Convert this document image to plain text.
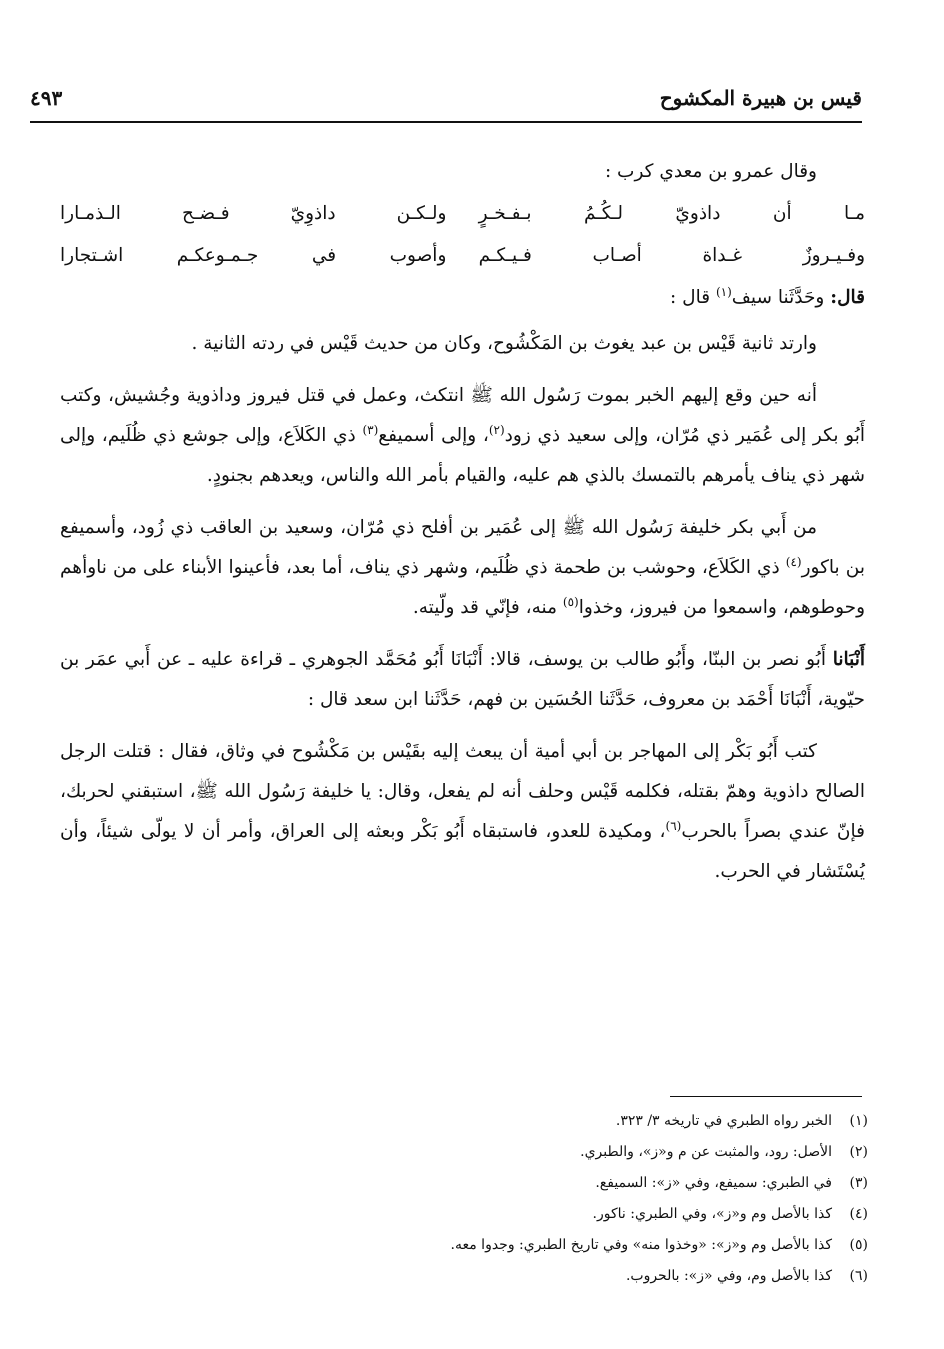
قيس بن هبيرة المكشوح
٤٩٣

وقال عمرو بن معدي كرب :

مـا أن داذويّ لـكُـمُ بـفـخـرٍ
ولـكـن داذوِيّ فـضـح الـذمـارا
وفـيـروزٌ غـداة أصـاب فـيـكـم
وأصوب في جـمـوعكـم اشـتجارا

قال: وحَدَّثَنا سيف$^{(١)}$ قال :

وارتد ثانية قَيْس بن عبد يغوث بن المَكْشُوح، وكان من حديث قَيْس في ردته الثانية .

أنه حين وقع إليهم الخبر بموت رَسُول الله ﷺ انتكث، وعمل في قتل فيروز وداذوية وجُشيش، وكتب أَبُو بكر إلى عُمَير ذي مُرّان، وإلى سعيد ذي زود$^{(٢)}$، وإلى أسميفع$^{(٣)}$ ذي الكَلاَع، وإلى جوشع ذي ظُلَيم، وإلى شهر ذي يناف يأمرهم بالتمسك بالذي هم عليه، والقيام بأمر الله والناس، ويعدهم بجنودٍ.

من أَبي بكر خليفة رَسُول الله ﷺ إلى عُمَير بن أفلح ذي مُرّان، وسعيد بن العاقب ذي زُود، وأسميفع بن باكور$^{(٤)}$ ذي الكَلاَع، وحوشب بن طحمة ذي ظُلَيم، وشهر ذي يناف، أما بعد، فأعينوا الأبناء على من ناوأهم وحوطوهم، واسمعوا من فيروز، وخذوا$^{(٥)}$ منه، فإنّي قد ولّيته.

أَنْبَانا أَبُو نصر بن البنّا، وأَبُو طالب بن يوسف، قالا: أَنْبَانَا أَبُو مُحَمَّد الجوهري ـ قراءة عليه ـ عن أَبي عمَر بن حيّوية، أَنْبَانَا أَحْمَد بن معروف، حَدَّثَنا الحُسَين بن فهم، حَدَّثَنا ابن سعد قال :

كتب أَبُو بَكْر إلى المهاجر بن أبي أمية أن يبعث إليه بقَيْس بن مَكْشُوح في وثاق، فقال : قتلت الرجل الصالح داذوية وهمّ بقتله، فكلمه قَيْس وحلف أنه لم يفعل، وقال: يا خليفة رَسُول الله ﷺ، استبقني لحربك، فإنّ عندي بصراً بالحرب$^{(٦)}$، ومكيدة للعدو، فاستبقاه أَبُو بَكْر وبعثه إلى العراق، وأمر أن لا يولّى شيئاً، وأن يُسْتَشار في الحرب.

(١)
الخبر رواه الطبري في تاريخه ٣/ ٣٢٣.
(٢)
الأصل: رود، والمثبت عن م و«ز»، والطبري.
(٣)
في الطبري: سميفع، وفي «ز»: السميفع.
(٤)
كذا بالأصل وم و«ز»، وفي الطبري: ناكور.
(٥)
كذا بالأصل وم و«ز»: «وخذوا منه» وفي تاريخ الطبري: وجدوا معه.
(٦)
كذا بالأصل وم، وفي «ز»: بالحروب.
